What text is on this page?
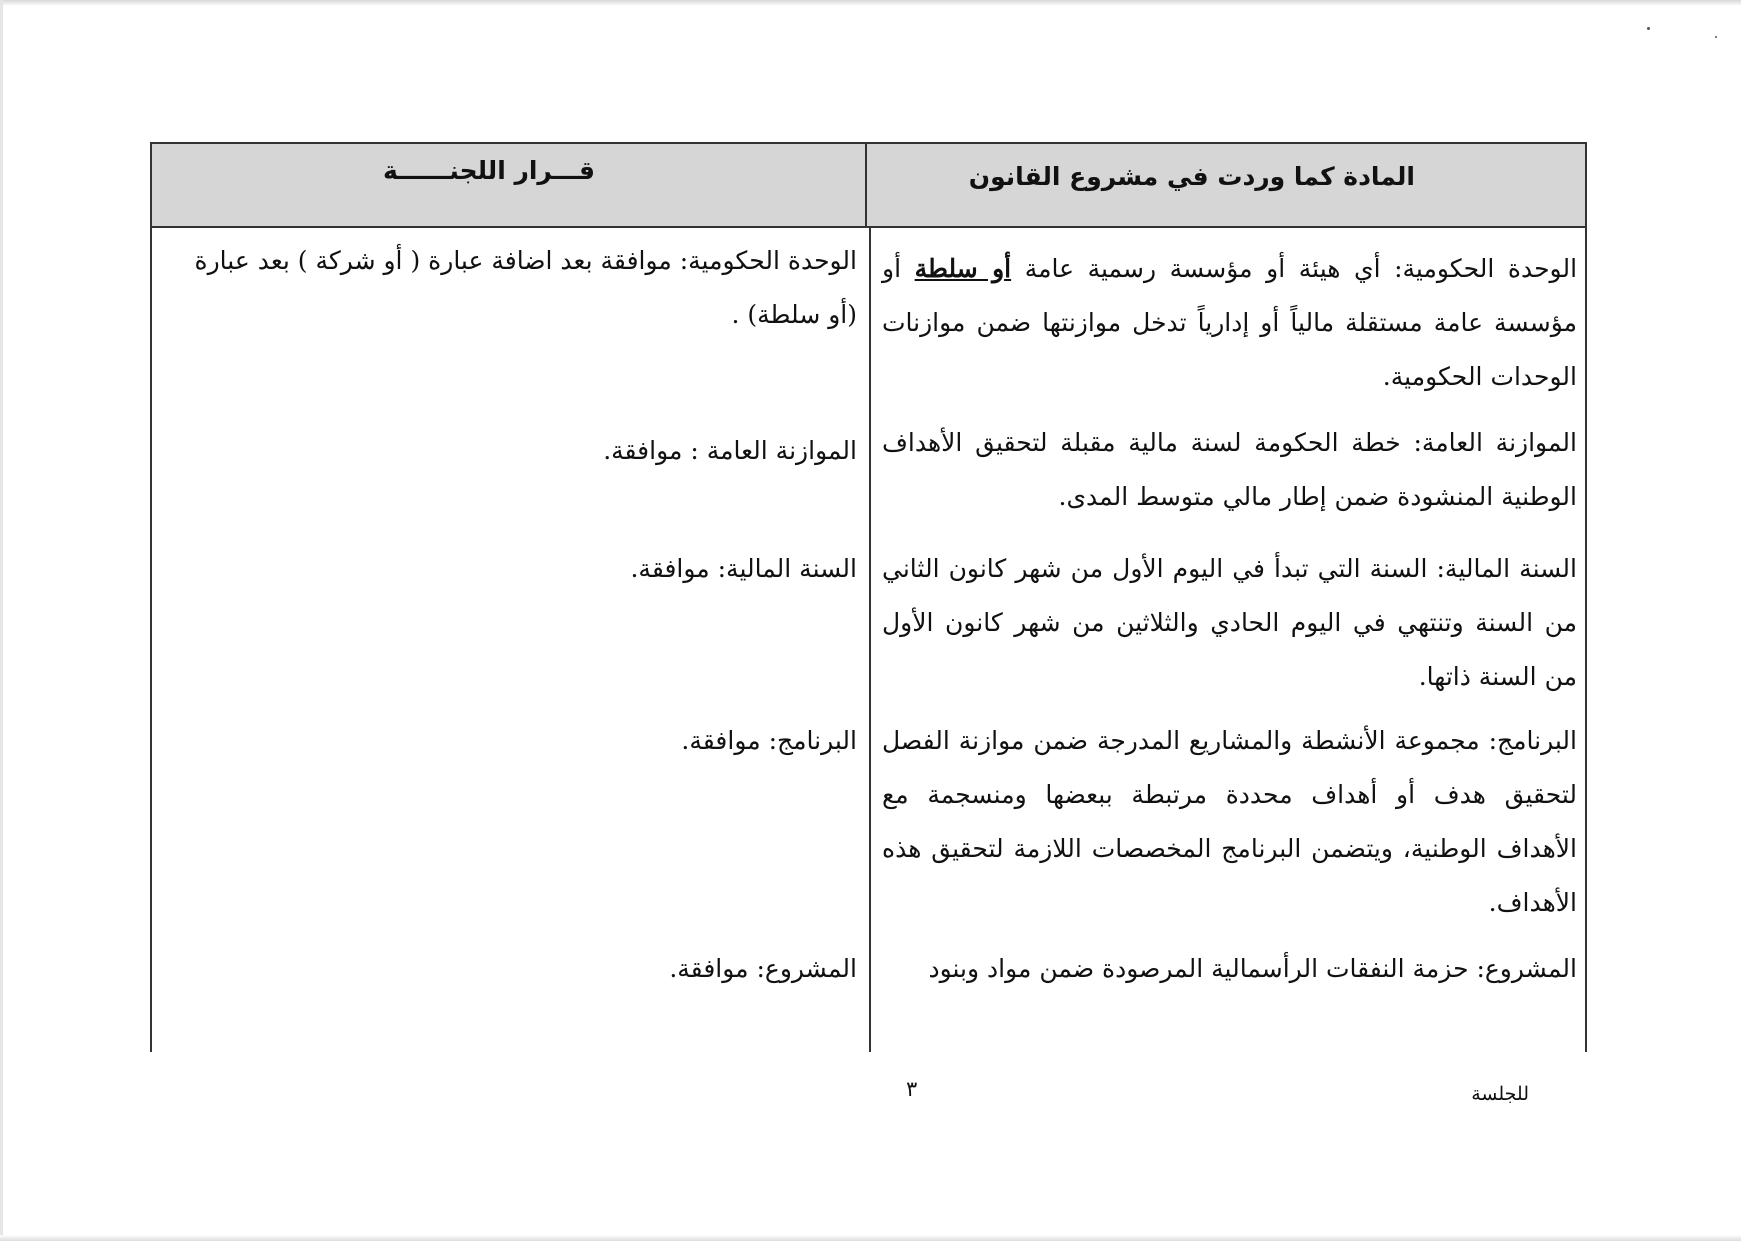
المادة كما وردت في مشروع القانون
قـــرار اللجنــــــة
الوحدة الحكومية: أي هيئة أو مؤسسة رسمية عامة أو سلطة أو مؤسسة عامة مستقلة مالياً أو إدارياً تدخل موازنتها ضمن موازنات الوحدات الحكومية.
الوحدة الحكومية: موافقة بعد اضافة عبارة ( أو شركة ) بعد عبارة (أو سلطة) .
الموازنة العامة: خطة الحكومة لسنة مالية مقبلة لتحقيق الأهداف الوطنية المنشودة ضمن إطار مالي متوسط المدى.
الموازنة العامة : موافقة.
السنة المالية: السنة التي تبدأ في اليوم الأول من شهر كانون الثاني من السنة وتنتهي في اليوم الحادي والثلاثين من شهر كانون الأول من السنة ذاتها.
السنة المالية: موافقة.
البرنامج: مجموعة الأنشطة والمشاريع المدرجة ضمن موازنة الفصل لتحقيق هدف أو أهداف محددة مرتبطة ببعضها ومنسجمة مع الأهداف الوطنية، ويتضمن البرنامج المخصصات اللازمة لتحقيق هذه الأهداف.
البرنامج: موافقة.
المشروع: حزمة النفقات الرأسمالية المرصودة ضمن مواد وبنود
المشروع: موافقة.
للجلسة
٣
